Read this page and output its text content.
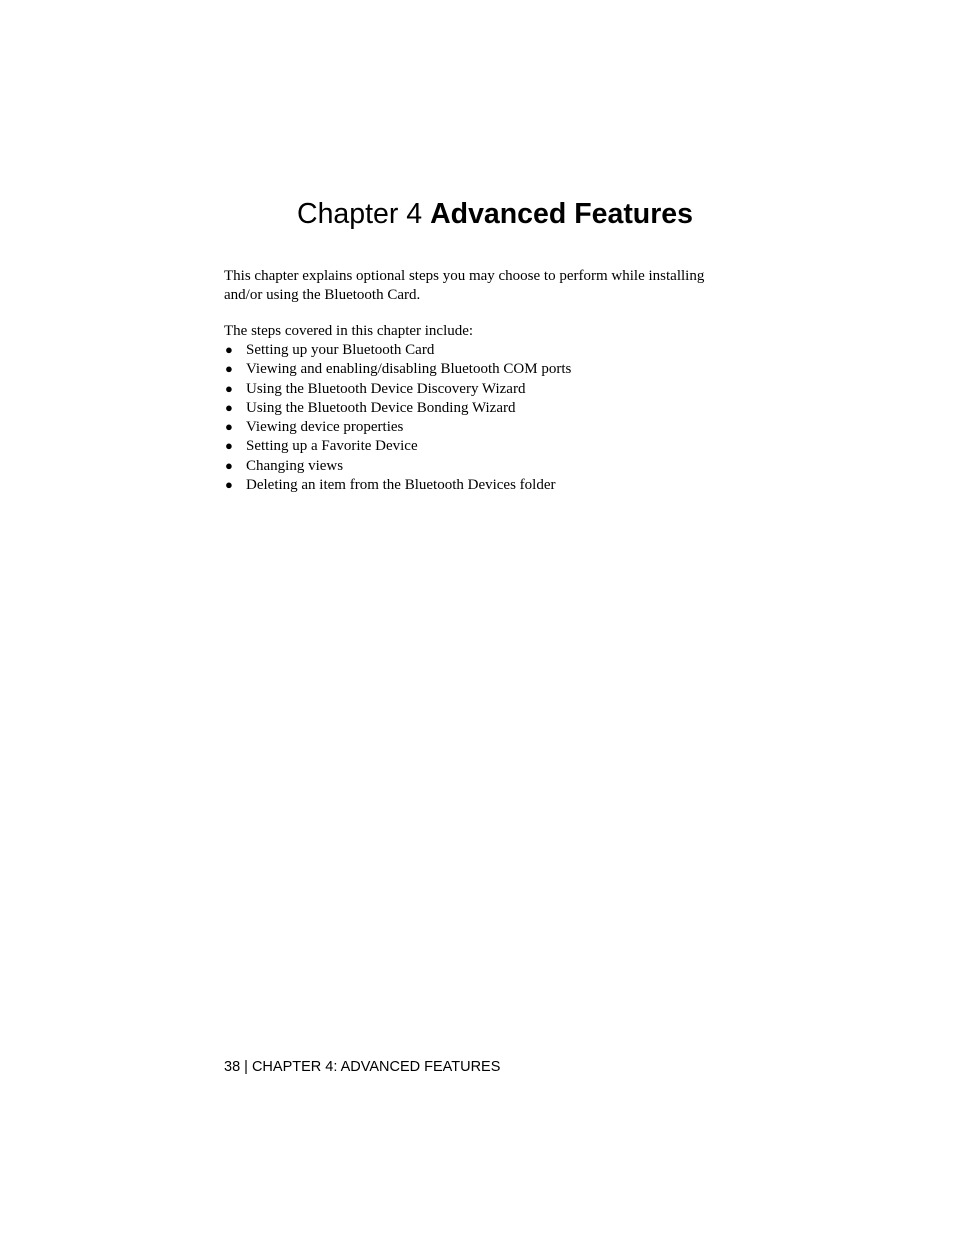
Chapter 4 Advanced Features

This chapter explains optional steps you may choose to perform while installing and/or using the Bluetooth Card.

The steps covered in this chapter include:

● Setting up your Bluetooth Card
● Viewing and enabling/disabling Bluetooth COM ports
● Using the Bluetooth Device Discovery Wizard
● Using the Bluetooth Device Bonding Wizard
● Viewing device properties
● Setting up a Favorite Device
● Changing views
● Deleting an item from the Bluetooth Devices folder

38 | CHAPTER 4: ADVANCED FEATURES
